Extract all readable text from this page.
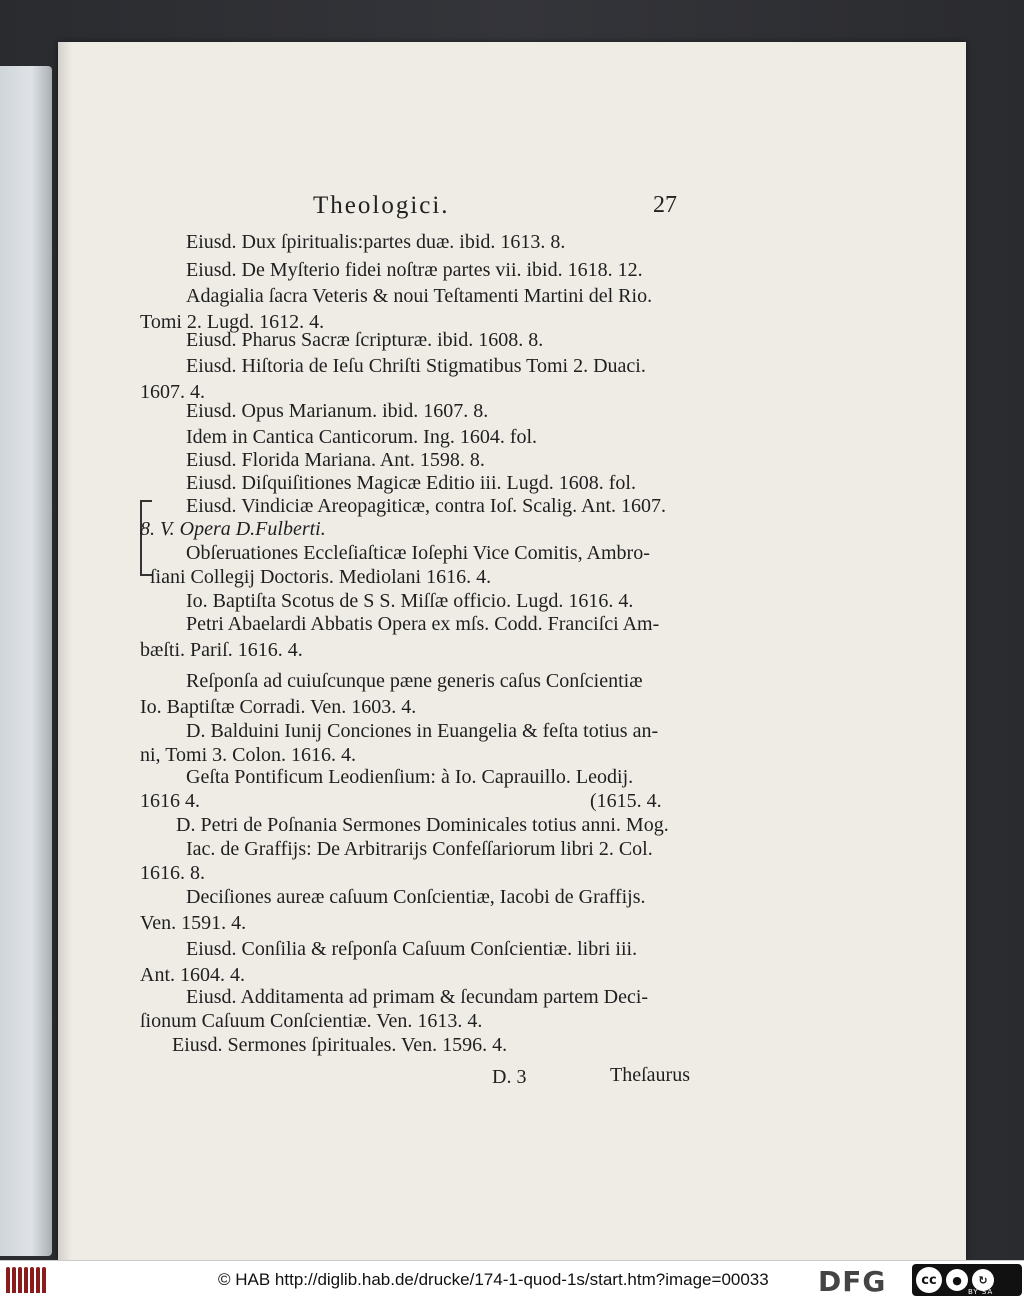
Theologici.	27
Eiusd. Dux ſpiritualis:partes duæ. ibid. 1613. 8.
Eiusd. De Myſterio fidei noſtræ partes vii. ibid. 1618. 12.
Adagialia ſacra Veteris & noui Teſtamenti Martini del Rio.
Tomi 2. Lugd. 1612. 4.
Eiusd. Pharus Sacræ ſcripturæ. ibid. 1608. 8.
Eiusd. Hiſtoria de Ieſu Chriſti Stigmatibus Tomi 2. Duaci.
1607. 4.
Eiusd. Opus Marianum. ibid. 1607. 8.
Idem in Cantica Canticorum. Ing. 1604. fol.
Eiusd. Florida Mariana. Ant. 1598. 8.
Eiusd. Diſquiſitiones Magicæ Editio iii. Lugd. 1608. fol.
Eiusd. Vindiciæ Areopagiticæ, contra Ioſ. Scalig. Ant. 1607.
8. V. Opera D.Fulberti.
Obſeruationes Eccleſiaſticæ Ioſephi Vice Comitis, Ambro-
ſiani Collegij Doctoris. Mediolani 1616. 4.
Io. Baptiſta Scotus de S S. Miſſæ officio. Lugd. 1616. 4.
Petri Abaelardi Abbatis Opera ex mſs. Codd. Franciſci Am-
bæſti. Pariſ. 1616. 4.
Reſponſa ad cuiuſcunque pæne generis caſus Conſcientiæ
Io. Baptiſtæ Corradi. Ven. 1603. 4.
D. Balduini Iunij Conciones in Euangelia & feſta totius an-
ni, Tomi 3. Colon. 1616. 4.
Geſta Pontificum Leodienſium: à Io. Caprauillo. Leodij.
1616 4.	(1615. 4.
D. Petri de Poſnania Sermones Dominicales totius anni. Mog.
Iac. de Graffijs: De Arbitrarijs Confeſſariorum libri 2. Col.
1616. 8.
Deciſiones aureæ caſuum Conſcientiæ, Iacobi de Graffijs.
Ven. 1591. 4.
Eiusd. Conſilia & reſponſa Caſuum Conſcientiæ. libri iii.
Ant. 1604. 4.
Eiusd. Additamenta ad primam & ſecundam partem Deci-
ſionum Caſuum Conſcientiæ. Ven. 1613. 4.
Eiusd. Sermones ſpirituales. Ven. 1596. 4.
D. 3	Theſaurus
© HAB http://diglib.hab.de/drucke/174-1-quod-1s/start.htm?image=00033 DFG	cc	●	↻
BY SA
